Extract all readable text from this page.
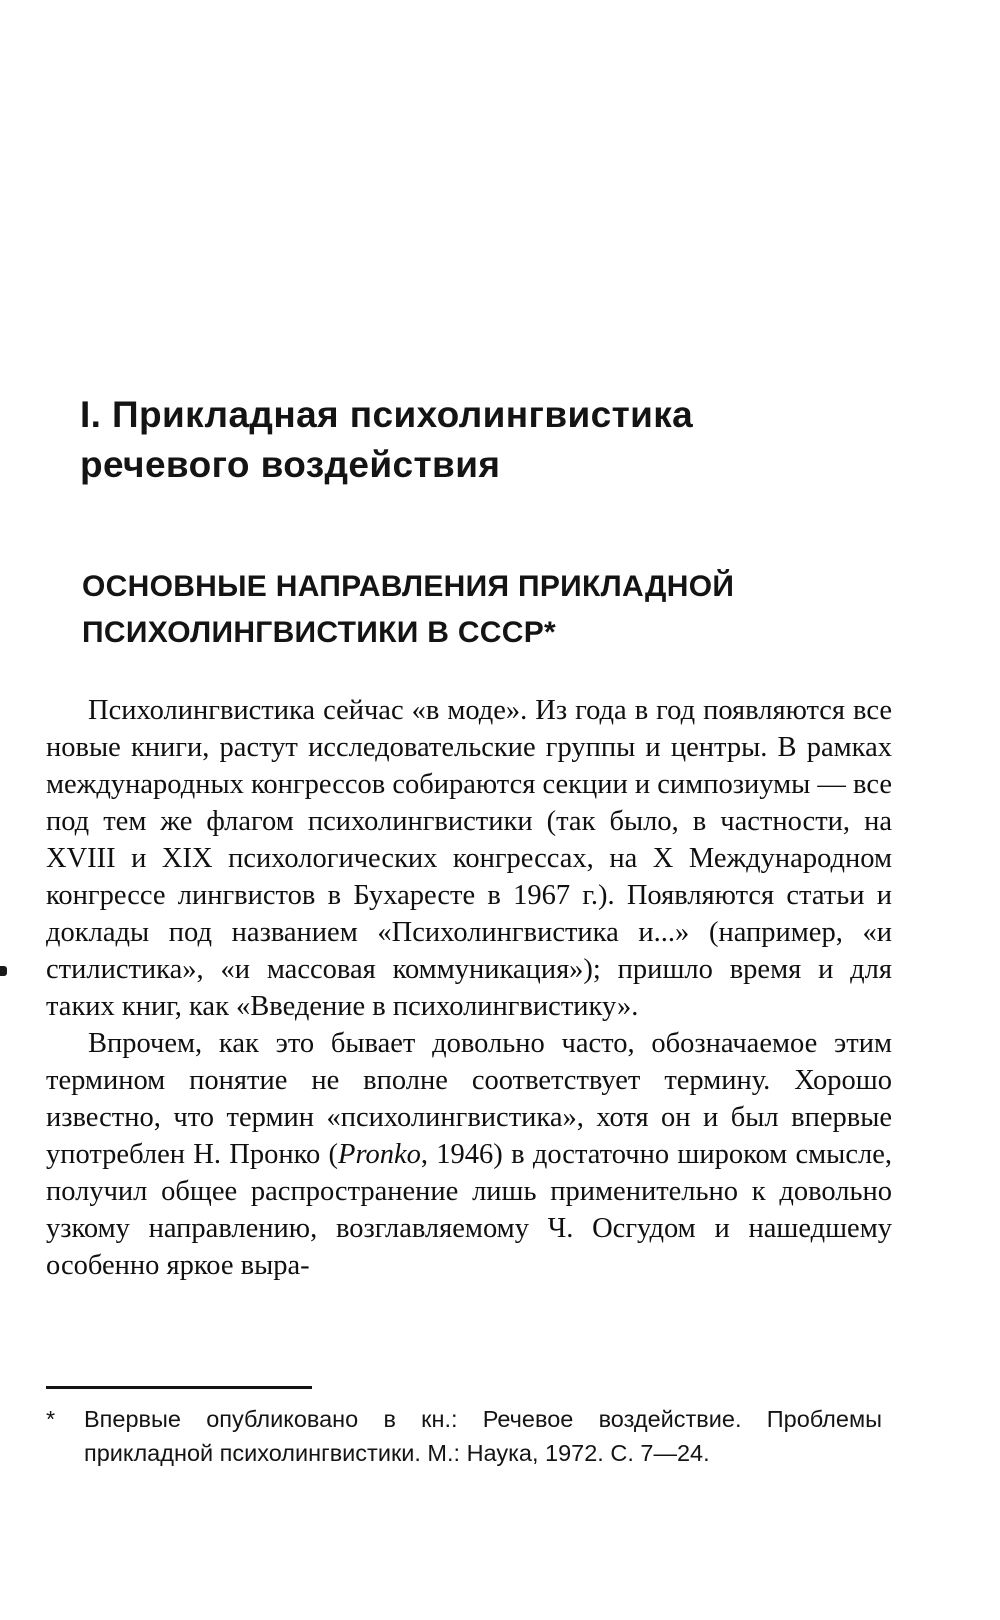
I. Прикладная психолингвистика речевого воздействия
ОСНОВНЫЕ НАПРАВЛЕНИЯ ПРИКЛАДНОЙ ПСИХОЛИНГВИСТИКИ В СССР*

Психолингвистика сейчас «в моде». Из года в год появляются все новые книги, растут исследовательские группы и центры. В рамках международных конгрессов собираются секции и симпозиумы — все под тем же флагом психолингвистики (так было, в частности, на XVIII и XIX психологических конгрессах, на X Международном конгрессе лингвистов в Бухаресте в 1967 г.). Появляются статьи и доклады под названием «Психолингвистика и...» (например, «и стилистика», «и массовая коммуникация»); пришло время и для таких книг, как «Введение в психолингвистику».

Впрочем, как это бывает довольно часто, обозначаемое этим термином понятие не вполне соответствует термину. Хорошо известно, что термин «психолингвистика», хотя он и был впервые употреблен Н. Пронко (Pronko, 1946) в достаточно широком смысле, получил общее распространение лишь применительно к довольно узкому направлению, возглавляемому Ч. Осгудом и нашедшему особенно яркое выра-

* Впервые опубликовано в кн.: Речевое воздействие. Проблемы прикладной психолингвистики. М.: Наука, 1972. С. 7—24.
